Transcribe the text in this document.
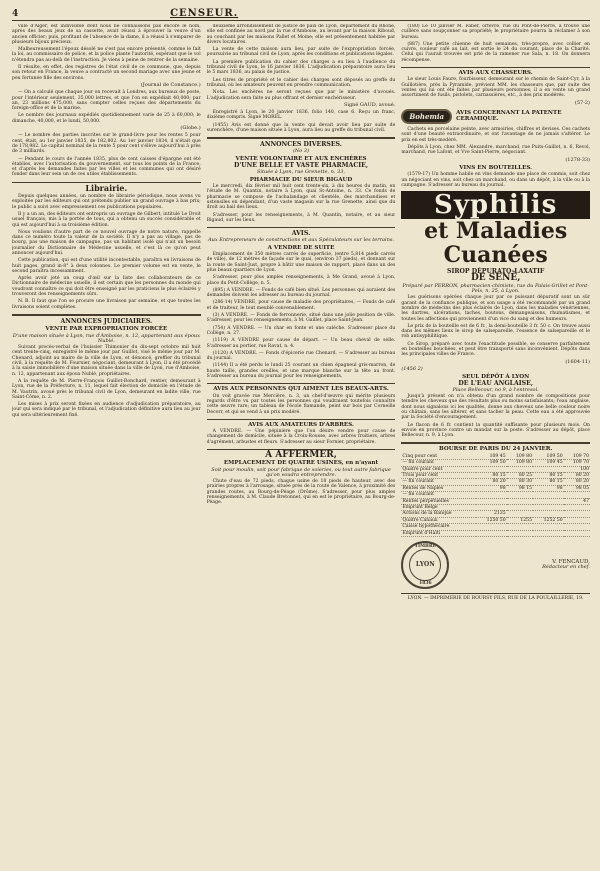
4	CENSEUR.

ville d'Alger, est indivisible dont nous ne connaissons pas encore le nom, après des beaux jeux de sa cassette, avait réussi à éprouver la veuve d'un ancien officier; puis, profitant de l'absence de la dame, il a réussi à s'emparer de plusieurs bijoux précieux.

Malheureusement l'époux désolé ne s'est pas encore présenté, comme le fait la loi, au commissaire de police, et la police plante l'autorité, espérant que le vol n'étendra pas au-delà de l'instruction. Je viens à peine de rentrer de la semaine.

Il résulte, en effet, des registres de l'état civil de ce commune, que, depuis son retour en France, la veuve a contracté un second mariage avec une jeune et peu fortunée fille des environs.

(Journal de Constance.)

— On a calculé que chaque jour on recevait à Londres, aux bureaux de poste, pour l'intérieur seulement, 35,000 lettres, et que l'on en expédiait 40,000; par an, 23 millions 475,000, sans compter celles reçues des départements du foreign-office et de la marine.

Le nombre des journaux expédiés quotidiennement varie de 25 à 60,000; le dimanche, 40,000, et le lundi, 50,000.

(Globe.)

— Le nombre des parties inscrites sur le grand-livre pour les rentes 5 pour cent, était, au 1er janvier 1835, de 182,802. Au 1er janvier 1834, il n'était que de 178,982. Le capital nominal de la rente 5 pour cent s'élève aujourd'hui à près de 3 milliards.

— Pendant le cours de l'année 1835, plus de cent caisses d'épargne ont été établies, avec l'autorisation du gouvernement, sur tous les points de la France, et d'après les demandes faites par les villes et les communes qui ont désiré fonder dans leur sein un de ces utiles établissements.

Librairie.

Depuis quelques années, un nombre de librairie périodique, nous avons vu exploitée par les éditeurs qui ont prétendu publier un grand ouvrage à bas prix; le public a suivi avec empressement ces publications populaires.

Il y a un an, des éditeurs ont entrepris un ouvrage de Gilbert, intitulé Le Droit usuel français, mis à la portée de tous, qui a obtenu un succès considérable et qui est aujourd'hui à sa troisième édition.

Nous voulions d'autre part de ce nouvel ouvrage de notre nature, rappelle dans ce numéro toute la valeur de la société. Il n'y a pas au village, pas de bourg, pas une maison de campagne, pas un habitant isolé qui n'ait un besoin journalier du Dictionnaire de Médecine usuelle, et c'est là ce qu'on peut annoncer aujourd'hui.

Cette publication, qui est d'une utilité incontestable, paraîtra en livraisons de huit pages, grand in-8° à deux colonnes. Le premier volume est en vente, le second paraîtra incessamment.

Après avoir jeté un coup d'œil sur la liste des collaborateurs de ce Dictionnaire de médecine usuelle, il est certain que les personnes du monde qui voudront connaître ce qui doit être enseigné par les praticiens le plus éclairés y trouveront des renseignements sûrs.

N. B. Il faut que l'on se procure une livraison par semaine, et que toutes les livraisons soient complètes.

ANNONCES JUDICIAIRES.
VENTE PAR EXPROPRIATION FORCÉE
D'une maison située à Lyon, rue d'Amboise, n. 12, appartenant aux époux Nublé.

Suivant procès-verbal de l'huissier Thimonier du dix-sept octobre mil huit cent trente-cinq, enregistré le même jour par Guillot, visé le même jour par M. Chenard, adjoint au maire de la ville de Lyon, et dénoncé, greffier du tribunal civil, à la requête de M. Fournier, négociant, demeurant à Lyon, il a été procédé à la saisie immobilière d'une maison située dans la ville de Lyon, rue d'Amboise, n. 12, appartenant aux époux Nublé, propriétaires.

A la requête de M. Pierre-François Guillot-Ronchard, rentier, demeurant à Lyon, rue de la Préfecture, n. 11, lequel fait élection de domicile en l'étude de M. Vautrin, avoué près le tribunal civil de Lyon, demeurant en ladite ville, rue Saint-Côme, n. 2.

Les mises à prix seront fixées en audience d'adjudication préparatoire, au jour qui sera indiqué par le tribunal, et l'adjudication définitive aura lieu au jour qui sera ultérieurement fixé.

deuxième arrondissement de justice de paix de Lyon, département du Rhône, elle est confinée au nord par la rue d'Amboise, au levant par la maison Riboud, au couchant par les maisons Pallet et Moine; elle est présentement habitée par divers locataires.

La vente de cette maison aura lieu, par suite de l'expropriation forcée, poursuivie au tribunal civil de Lyon, après les conditions et publications légales.

La première publication du cahier des charges a eu lieu à l'audience du tribunal civil de Lyon, le 16 janvier 1836. L'adjudication préparatoire aura lieu le 5 mars 1836, au palais de justice.

Les titres de propriété et le cahier des charges sont déposés au greffe du tribunal, où les amateurs peuvent en prendre communication.

Nota. Les enchères ne seront reçues que par le ministère d'avoués. L'adjudication sera faite au plus offrant et dernier enchérisseur.

Signé GAUD, avoué.

Enregistré à Lyon, le 20 janvier 1836, folio 140, case 6. Reçu un franc, dixième compris. Signé MOREL.

(1455) Avis est donné que la vente qui devait avoir lieu par suite de surenchère, d'une maison située à Lyon, aura lieu au greffe du tribunal civil.

ANNONCES DIVERSES.
(No 3)
VENTE VOLONTAIRE ET AUX ENCHÈRES
D'UNE BELLE ET VASTE PHARMACIE,
Située à Lyon, rue Grenette, n. 33,
PHARMACIE DU SIEUR BIGAUD

Le mercredi, dix février mil huit cent trente-six, à dix heures du matin, en l'étude de M. Quantin, notaire à Lyon, quai St-Antoine, n. 33. Ce fonds de pharmacie se compose de l'achalandage et clientèle, des marchandises et ustensiles en dépendant, d'un vaste magasin sur la rue Grenette, ainsi que du droit au bail des lieux.

S'adresser, pour les renseignements, à M. Quantin, notaire, et au sieur Bigaud, sur les lieux.

AVIS.
Aux Entrepreneurs de constructions et aux Spéculateurs sur les terrains.
A VENDRE DE SUITE

Emplacement de 350 mètres carrés de superficie, (entre 5,814 pieds carrés de ville), de 12 mètres de façade sur le quai, (environ 37 pieds), et donnant sur la route de Saint-Just, propre à bâtir une maison de rapport, placé dans un des plus beaux quartiers de Lyon.

S'adresser, pour plus amples renseignements, à Me Grand, avoué à Lyon, place du Petit-Collège, n. 5.

(895) A VENDRE. — Fonds de café bien situé. Les personnes qui auraient des demandes doivent les adresser au bureau du journal.

(286-14) VENDRE, pour cause de maladie des propriétaires, — Fonds de café et de traiteur, le tout meublé convenablement.

(3) A VENDRE. — Fonds de ferronnerie, situé dans une jolie position de ville. S'adresser, pour les renseignements, à M. Gaillet, place Saint-Jean.

(754) A VENDRE. — Un char en fonte et une calèche. S'adresser place du Collège, n. 27.

(1119) A VENDRE pour cause de départ. — Un beau cheval de selle. S'adresser au portier, rue Ravat, n. 4.

(1120) A VENDRE. — Fonds d'épicerie rue Chenard. — S'adresser au bureau du journal.

(1144) Il a été perdu le lundi 25 courant un chien épagneul gris-marron, de haute taille, grandes oreilles, et une marque blanche sur la tête au front. S'adresser au bureau du journal pour les renseignements.

AVIS AUX PERSONNES QUI AIMENT LES BEAUX-ARTS.

On voit gravée rue Mercière, n. 3, un chef-d'œuvre qui mérite plusieurs regards d'être vu par toutes les personnes qui voudraient toutefois connaître cette œuvre rare; un tableau de l'école flamande, peint sur bois par Corneille Decorr, et qui se vend à un prix modéré.

AVIS AUX AMATEURS D'ARBRES.

A VENDRE. — Une pépinière que l'on désire vendre pour cause de changement de domicile, située à la Croix-Rousse, avec arbres fruitiers, arbres d'agrément, arbustes et fleurs. S'adresser au sieur Fornier, propriétaire.

A AFFERMER,
EMPLACEMENT DE QUATRE USINES, en n'ayant
Soit pour moulin, soit pour fabrique de soieries, ou tout autre fabrique qu'on voudra entreprendre.

Chute d'eau de 72 pieds, chaque usine de 18 pieds de hauteur, avec des prairies propres à l'arrosage, située près de la route de Valence, à proximité des grandes routes, au Bourg-de-Péage (Drôme). S'adresser, pour plus amples renseignements, à M. Claude Bretonnet, qui en est le propriétaire, au Bourg-de-Péage.

(180) Le 10 janvier M. Faber, orfèvre, rue du Pont-de-Pierre, a trouvé une cuillère sans soupçonner sa propriété; le propriétaire pourra la réclamer à son bureau.

(887) Une petite chienne de huit semaines, très-propre, avec collier en cuivre, couleur café au lait, est sortie le 24 du courant, place de la Charité. Celui qui l'aurait trouvée est prié de la ramener rue Sala, n. 18. On donnera récompense.

AVIS AUX CHASSEURS.

Le sieur Louis Faure, fourbisseur, demeurant sur le chemin de Saint-Cyr, à la Guillotière, près la Pyramide, prévient MM. les chasseurs que, par suite des ventes qui lui ont été faites par plusieurs personnes, il a en vente un grand assortiment de fusils, pistolets, carnassières, etc., à des prix modérés.

(57-2)
Bohemia	AVIS CONCERNANT LA PATENTE CERAMIQUE.

Cachets en porcelaine peinte, avec armoiries, chiffres et devises. Ces cachets sont d'une beauté extraordinaire, et ont l'avantage de ne jamais s'altérer. Le prix en est très-modéré.

Dépôts à Lyon, chez MM. Alexandre, marchand, rue Puits-Gaillot, n. 6, Revol, marchand, rue Lafont, et Vve Saint-Pierre, négociant.

(1278-33)
VINS EN BOUTEILLES.

(1579-17) Un homme habile en vins demande une place de commis, soit chez un négociant en vins, soit chez un marchand, ou dans un dépôt, à la ville ou à la campagne. S'adresser au bureau du journal.

Syphilis
et Maladies Cuanées
SIROP DÉPURATO-LAXATIF
DE SÉNÉ,
Préparé par PERRON, pharmacien-chimiste, rue du Palais-Grillet et Pont-Pels, n. 25, à Lyon.

Les guérisons opérées chaque jour par ce puissant dépuratif sont un sûr garant de la confiance publique, et son usage a été recommandé par un grand nombre de médecins des plus éclairés de Lyon, dans les maladies vénériennes, les dartres, ulcérations, taches, boutons, démangeaisons, rhumatismes, et toutes les affections qui proviennent d'un vice du sang et des humeurs.

Le prix de la bouteille est de 6 fr., la demi-bouteille 3 fr. 50 c. On trouve aussi dans les mêmes lieux le sirop de salsepareille, l'essence de salsepareille et le rob antisyphilitique.

Ce Sirop, préparé avec toute l'exactitude possible, se conserve parfaitement en bouteilles bouchées, et peut être transporté sans inconvénient. Dépôts dans les principales villes de France.

(1604-11)
(1456 2)
SEUL DÉPÔT À LYON
DE L'EAU ANGLAISE,
Place Bellecour, no 9, à l'entresol.

Jusqu'à présent on n'a obtenu d'un grand nombre de compositions pour teindre les cheveux que des résultats plus ou moins satisfaisants; l'eau anglaise, dont nous signalons ici les qualités, donne aux cheveux une belle couleur noire ou châtain, sans les altérer, et sans tacher la peau. Cette eau a été approuvée par la Société d'encouragement.

Le flacon de 6 fr. contient la quantité suffisante pour plusieurs mois. On envoie en province contre un mandat sur la poste. S'adresser au dépôt, place Bellecour, n. 9, à Lyon.

BOURSE DE PARIS DU 24 JANVIER.
Cinq pour cent	109 45	109 80	109 50	109 70
— fin courant	109 50	109 80	109 45	109 70
Quatre pour cent				100
Trois pour cent	80 15	80 25	80 15	80 20
— fin courant	80 20	80 30	80 15	80 20
Rentes de Naples	98	98 15	98	98 05
— fin courant				
Rentes perpétuelles				47
Emprunt Belge				
Actions de la Banque	2135			
Quatre Canaux	1250 50	1255	1252 50	
Caisse hypothécaire				
Emprunt d'Haïti				
TIMBRE
LYON
1836
V. FENCAUD,
Rédacteur en chef.
LYON. — IMPRIMERIE DE BOURSY FILS, RUE DE LA POULAILLERIE, 19.
